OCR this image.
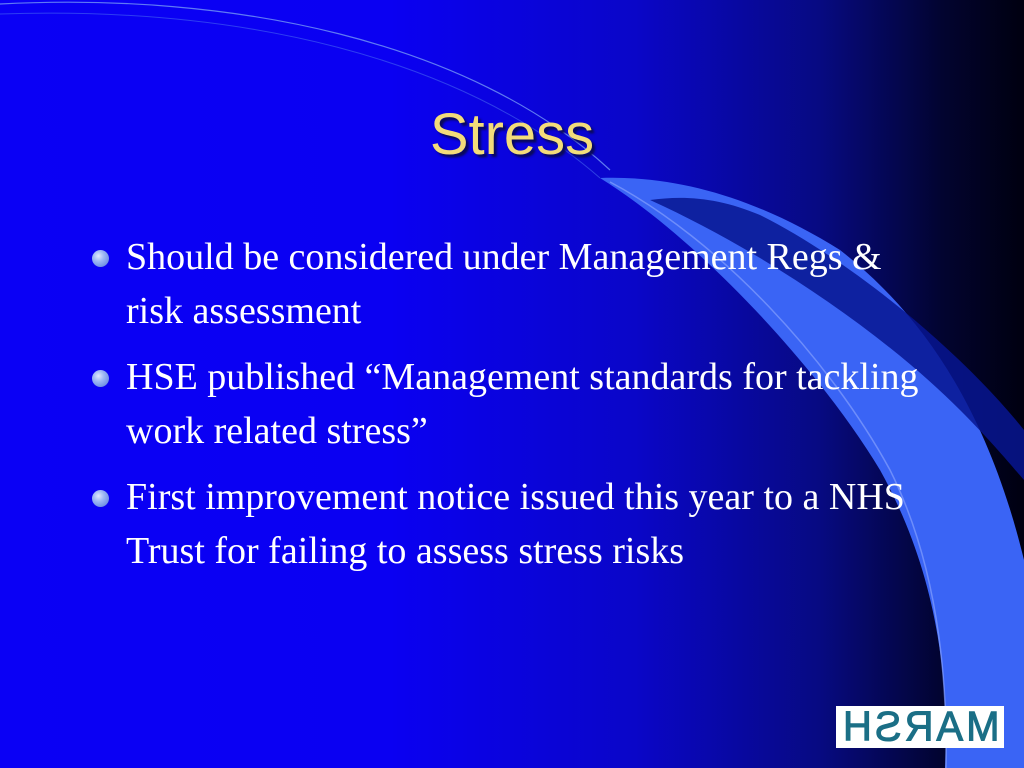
Stress
Should be considered under Management Regs & risk assessment
HSE published “Management standards for tackling work related stress”
First improvement notice issued this year to a NHS Trust for failing to assess stress risks
MARSH
